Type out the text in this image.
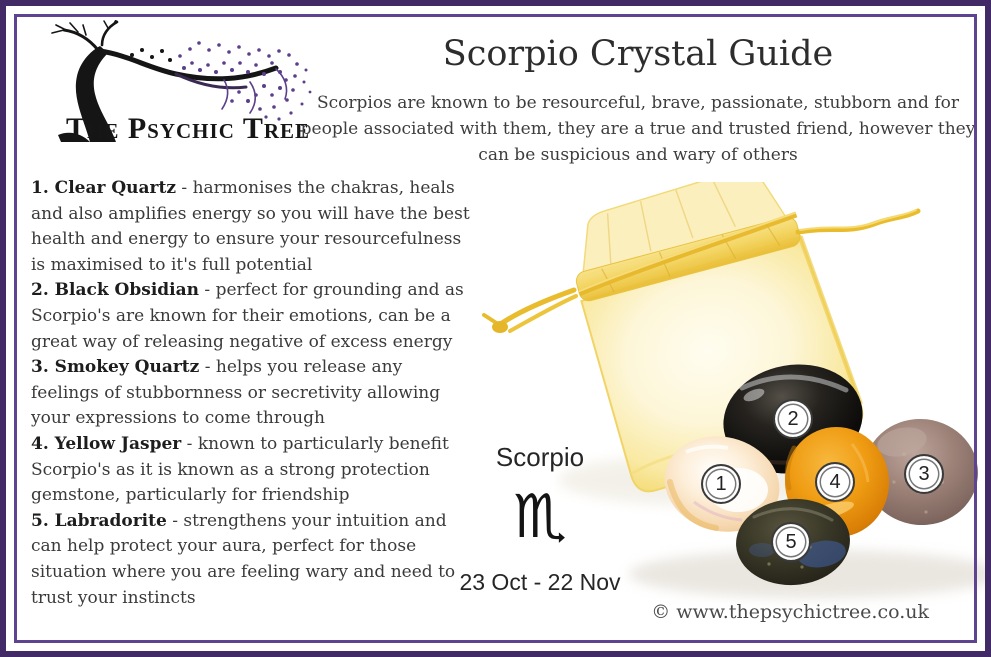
The Psychic Tree
Scorpio Crystal Guide
Scorpios are known to be resourceful, brave, passionate, stubborn and for people associated with them, they are a true and trusted friend, however they can be suspicious and wary of others

1. Clear Quartz - harmonises the chakras, heals and also amplifies energy so you will have the best health and energy to ensure your resourcefulness is maximised to it's full potential

2. Black Obsidian - perfect for grounding and as Scorpio's are known for their emotions, can be a great way of releasing negative of excess energy

3. Smokey Quartz - helps you release any feelings of stubbornness or secretivity allowing your expressions to come through

4. Yellow Jasper - known to particularly benefit Scorpio's as it is known as a strong protection gemstone, particularly for friendship

5. Labradorite - strengthens your intuition and can help protect your aura, perfect for those situation where you are feeling wary and need to trust your instincts

1
2
3
4
5
Scorpio
♏
23 Oct - 22 Nov
© www.thepsychictree.co.uk
